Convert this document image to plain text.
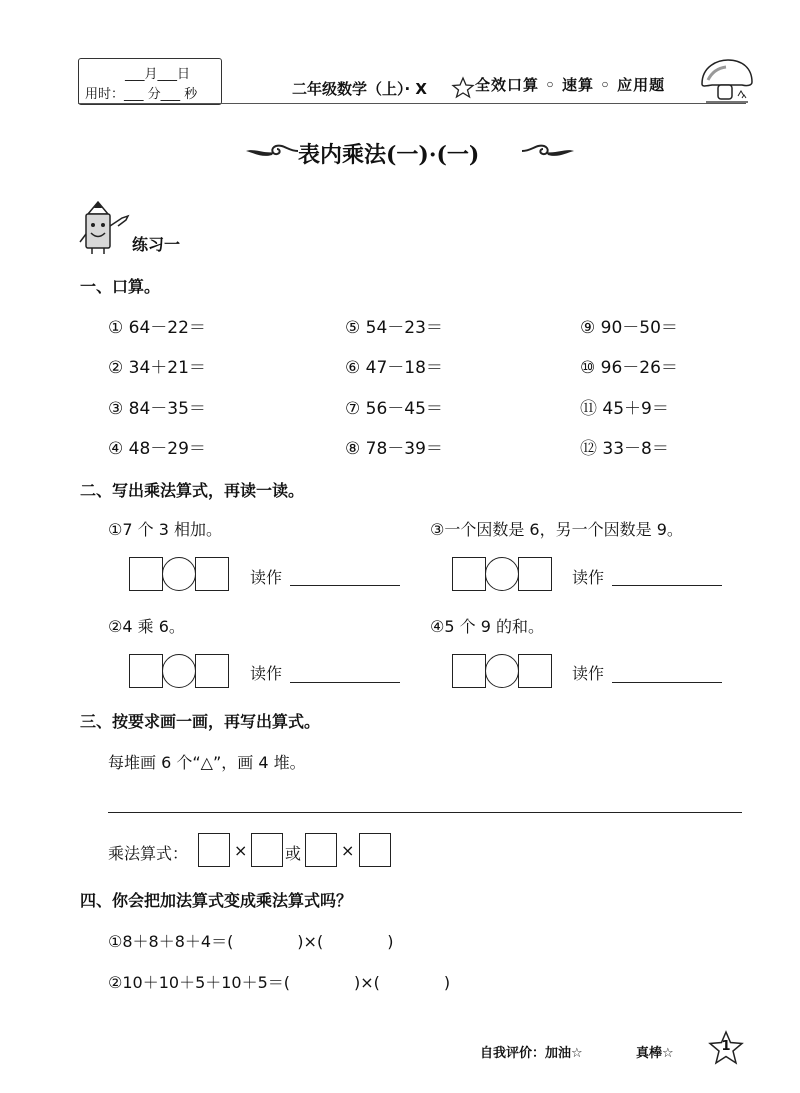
___月___日
用时：___ 分___ 秒	二年级数学（上）· X	全效口算 ◦ 速算 ◦ 应用题
表内乘法(一)·(一)
练习一
一、口算。
① 64－22＝	⑤ 54－23＝	⑨ 90－50＝
② 34＋21＝	⑥ 47－18＝	⑩ 96－26＝
③ 84－35＝	⑦ 56－45＝	⑪ 45＋9＝
④ 48－29＝	⑧ 78－39＝	⑫ 33－8＝
二、写出乘法算式，再读一读。
①7 个 3 相加。	③一个因数是 6，另一个因数是 9。
读作	读作
②4 乘 6。	④5 个 9 的和。
读作	读作
三、按要求画一画，再写出算式。
每堆画 6 个“△”，画 4 堆。
乘法算式：	× 或 ×
四、你会把加法算式变成乘法算式吗？
①8＋8＋8＋4＝(　　　　)×(　　　　)
②10＋10＋5＋10＋5＝(　　　　)×(　　　　)
自我评价：加油☆	真棒☆	1
